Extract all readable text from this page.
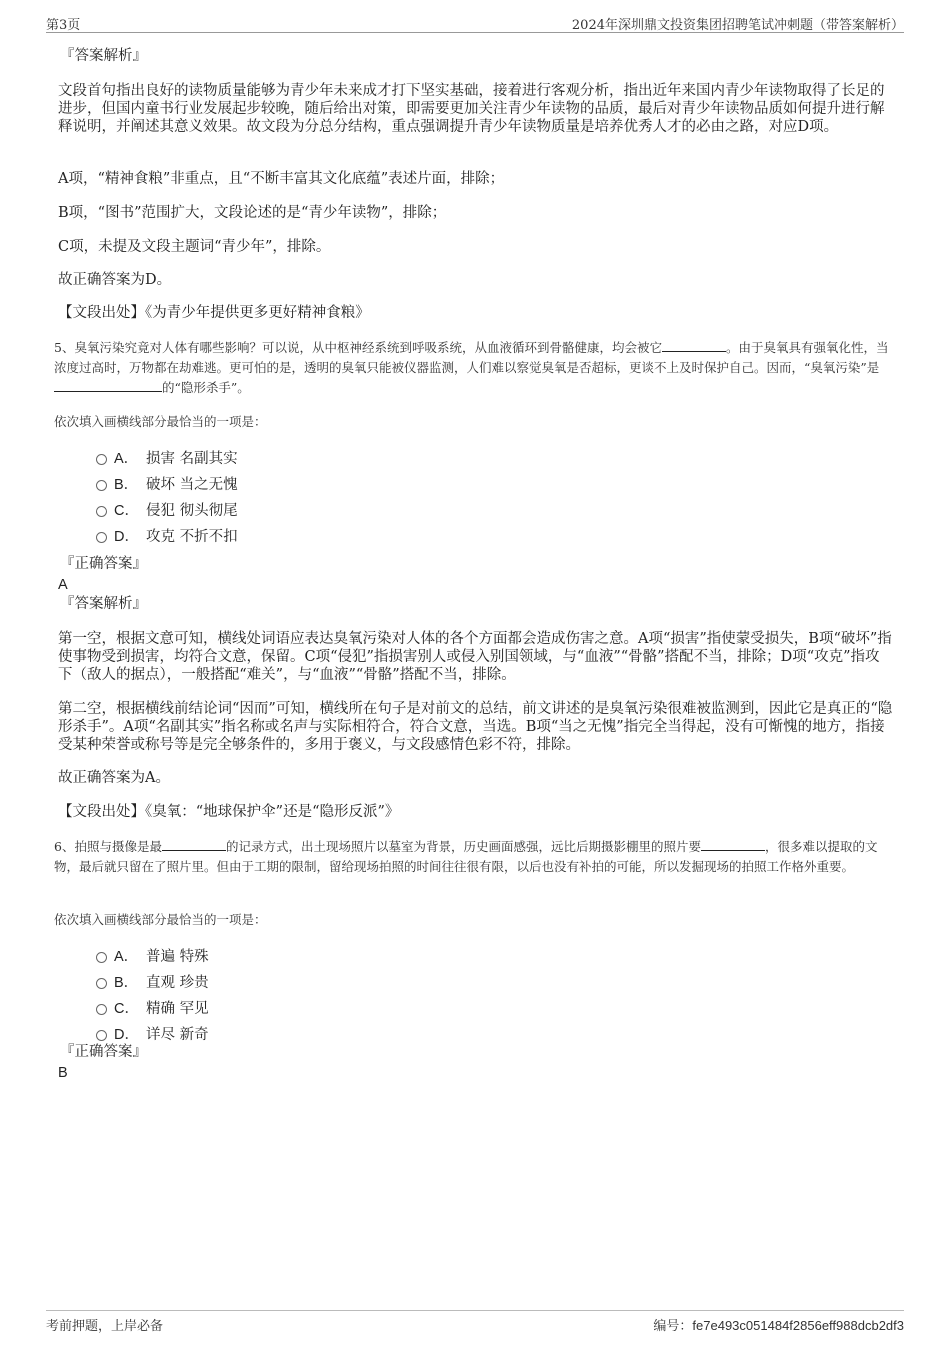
第3页	2024年深圳鼎文投资集团招聘笔试冲刺题（带答案解析）
『答案解析』

文段首句指出良好的读物质量能够为青少年未来成才打下坚实基础，接着进行客观分析，指出近年来国内青少年读物取得了长足的进步，但国内童书行业发展起步较晚，随后给出对策，即需要更加关注青少年读物的品质，最后对青少年读物品质如何提升进行解释说明，并阐述其意义效果。故文段为分总分结构，重点强调提升青少年读物质量是培养优秀人才的必由之路，对应D项。

A项，“精神食粮”非重点，且“不断丰富其文化底蕴”表述片面，排除；

B项，“图书”范围扩大，文段论述的是“青少年读物”，排除；

C项，未提及文段主题词“青少年”，排除。

故正确答案为D。

【文段出处】《为青少年提供更多更好精神食粮》

5、臭氧污染究竟对人体有哪些影响？可以说，从中枢神经系统到呼吸系统，从血液循环到骨骼健康，均会被它	。由于臭氧具有强氧化性，当浓度过高时，万物都在劫难逃。更可怕的是，透明的臭氧只能被仪器监测，人们难以察觉臭氧是否超标，更谈不上及时保护自己。因而，“臭氧污染”是的“隐形杀手”。

依次填入画横线部分最恰当的一项是：

A． 损害 名副其实
B． 破坏 当之无愧
C． 侵犯 彻头彻尾
D． 攻克 不折不扣
『正确答案』
A
『答案解析』

第一空，根据文意可知，横线处词语应表达臭氧污染对人体的各个方面都会造成伤害之意。A项“损害”指使蒙受损失，B项“破坏”指使事物受到损害，均符合文意，保留。C项“侵犯”指损害别人或侵入别国领域，与“血液”“骨骼”搭配不当，排除；D项“攻克”指攻下（敌人的据点），一般搭配“难关”，与“血液”“骨骼”搭配不当，排除。

第二空，根据横线前结论词“因而”可知，横线所在句子是对前文的总结，前文讲述的是臭氧污染很难被监测到，因此它是真正的“隐形杀手”。A项“名副其实”指名称或名声与实际相符合，符合文意，当选。B项“当之无愧”指完全当得起，没有可惭愧的地方，指接受某种荣誉或称号等是完全够条件的，多用于褒义，与文段感情色彩不符，排除。

故正确答案为A。

【文段出处】《臭氧：“地球保护伞”还是“隐形反派”》

6、拍照与摄像是最	的记录方式，出土现场照片以墓室为背景，历史画面感强，远比后期摄影棚里的照片要	，很多难以提取的文物，最后就只留在了照片里。但由于工期的限制，留给现场拍照的时间往往很有限，以后也没有补拍的可能，所以发掘现场的拍照工作格外重要。

依次填入画横线部分最恰当的一项是：

A． 普遍 特殊
B． 直观 珍贵
C． 精确 罕见
D． 详尽 新奇
『正确答案』
B
考前押题，上岸必备	编号：fe7e493c051484f2856eff988dcb2df3
